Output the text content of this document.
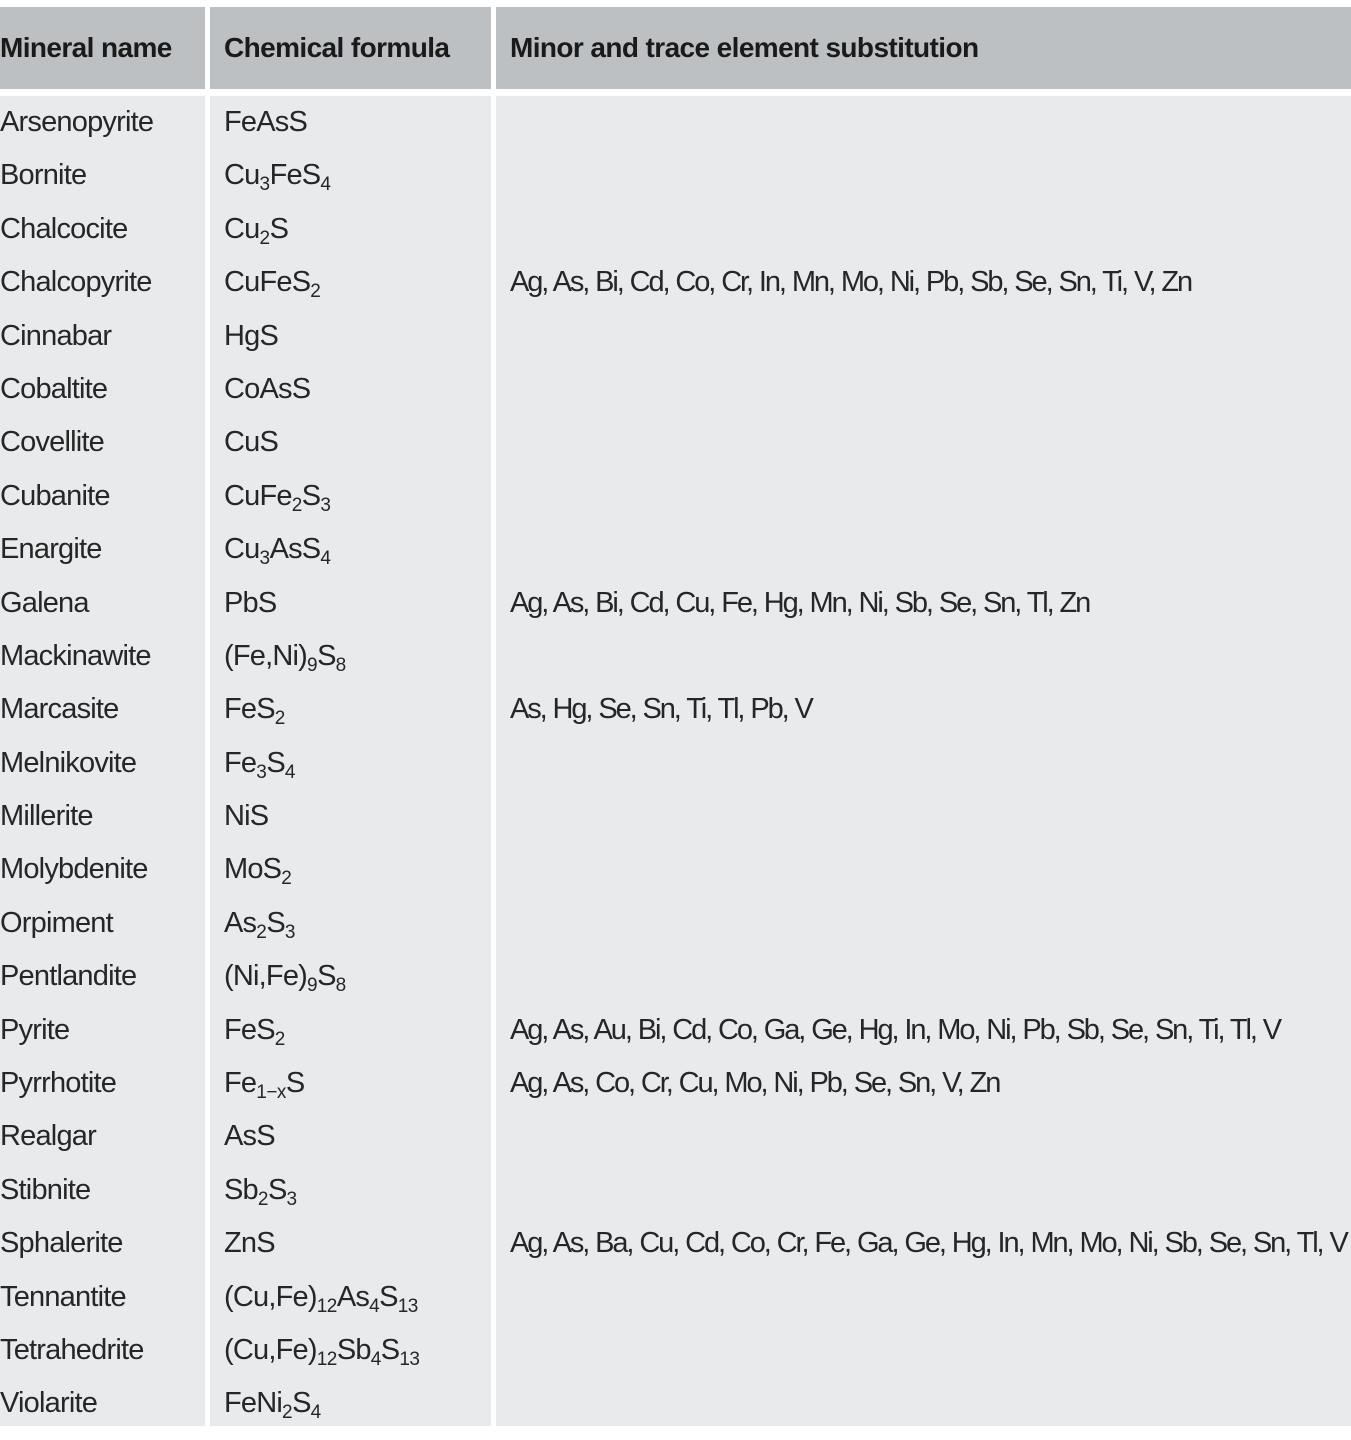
Mineral name	Chemical formula	Minor and trace element substitution
Arsenopyrite
Bornite
Chalcocite
Chalcopyrite
Cinnabar
Cobaltite
Covellite
Cubanite
Enargite
Galena
Mackinawite
Marcasite
Melnikovite
Millerite
Molybdenite
Orpiment
Pentlandite
Pyrite
Pyrrhotite
Realgar
Stibnite
Sphalerite
Tennantite
Tetrahedrite
Violarite
FeAsS
$Cu_3FeS_4$
$Cu_2S$
CuFeS$_2$
HgS
CoAsS
CuS
$CuFe_2S_3$
$Cu_3AsS_4$
PbS
$(Fe,Ni)_9S_8$
FeS$_2$
$Fe_3S_4$
NiS
MoS$_2$
$As_2S_3$
$(Ni,Fe)_9S_8$
FeS$_2$
$Fe_{1-x}S$
AsS
$Sb_2S_3$
ZnS
$(Cu,Fe)_{12}As_4S_{13}$
$(Cu,Fe)_{12}Sb_4S_{13}$
$FeNi_2S_4$
Ag, As, Bi, Cd, Co, Cr, In, Mn, Mo, Ni, Pb, Sb, Se, Sn, Ti, V, Zn
Ag, As, Bi, Cd, Cu, Fe, Hg, Mn, Ni, Sb, Se, Sn, Tl, Zn
As, Hg, Se, Sn, Ti, Tl, Pb, V
Ag, As, Au, Bi, Cd, Co, Ga, Ge, Hg, In, Mo, Ni, Pb, Sb, Se, Sn, Ti, Tl, V
Ag, As, Co, Cr, Cu, Mo, Ni, Pb, Se, Sn, V, Zn
Ag, As, Ba, Cu, Cd, Co, Cr, Fe, Ga, Ge, Hg, In, Mn, Mo, Ni, Sb, Se, Sn, Tl, V
